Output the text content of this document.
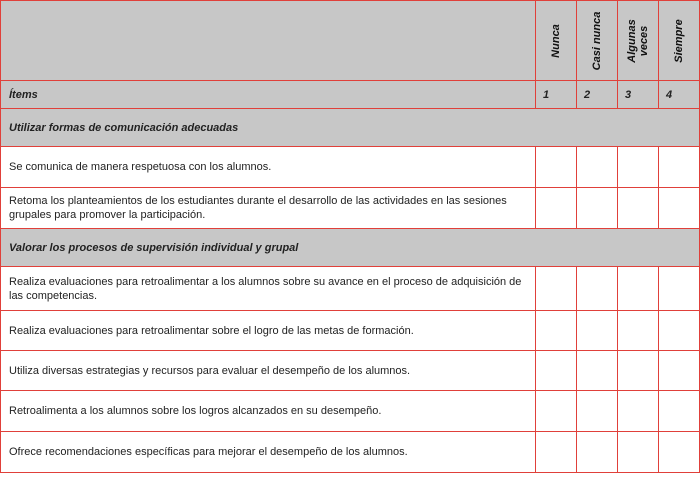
	Nunca	Casi nunca	Algunas veces	Siempre

Ítems	1	2	3	4
Utilizar formas de comunicación adecuadas				
Se comunica de manera respetuosa con los alumnos.				
Retoma los planteamientos de los estudiantes durante el desarrollo de las actividades en las sesiones grupales para promover la participación.				
Valorar los procesos de supervisión individual y grupal				
Realiza evaluaciones para retroalimentar a los alumnos sobre su avance en el proceso de adquisición de las competencias.				
Realiza evaluaciones para retroalimentar sobre el logro de las metas de formación.				
Utiliza diversas estrategias y recursos para evaluar el desempeño de los alumnos.				
Retroalimenta a los alumnos sobre los logros alcanzados en su desempeño.				
Ofrece recomendaciones específicas para mejorar el desempeño de los alumnos.				
